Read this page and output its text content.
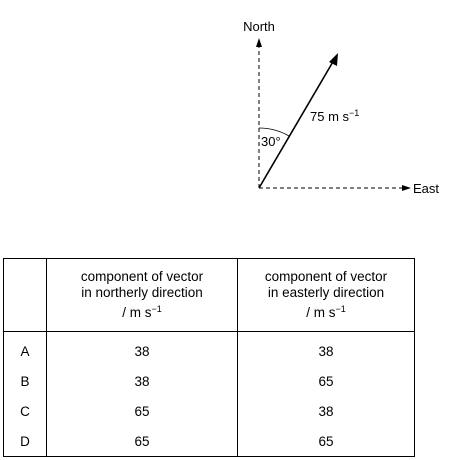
North
East
30°
75 m $s^{-1}$

	component of vector
in northerly direction
/ m $s^{-1}$	component of vector
in easterly direction
/ m $s^{-1}$

A	38	38
B	38	65
C	65	38
D	65	65
